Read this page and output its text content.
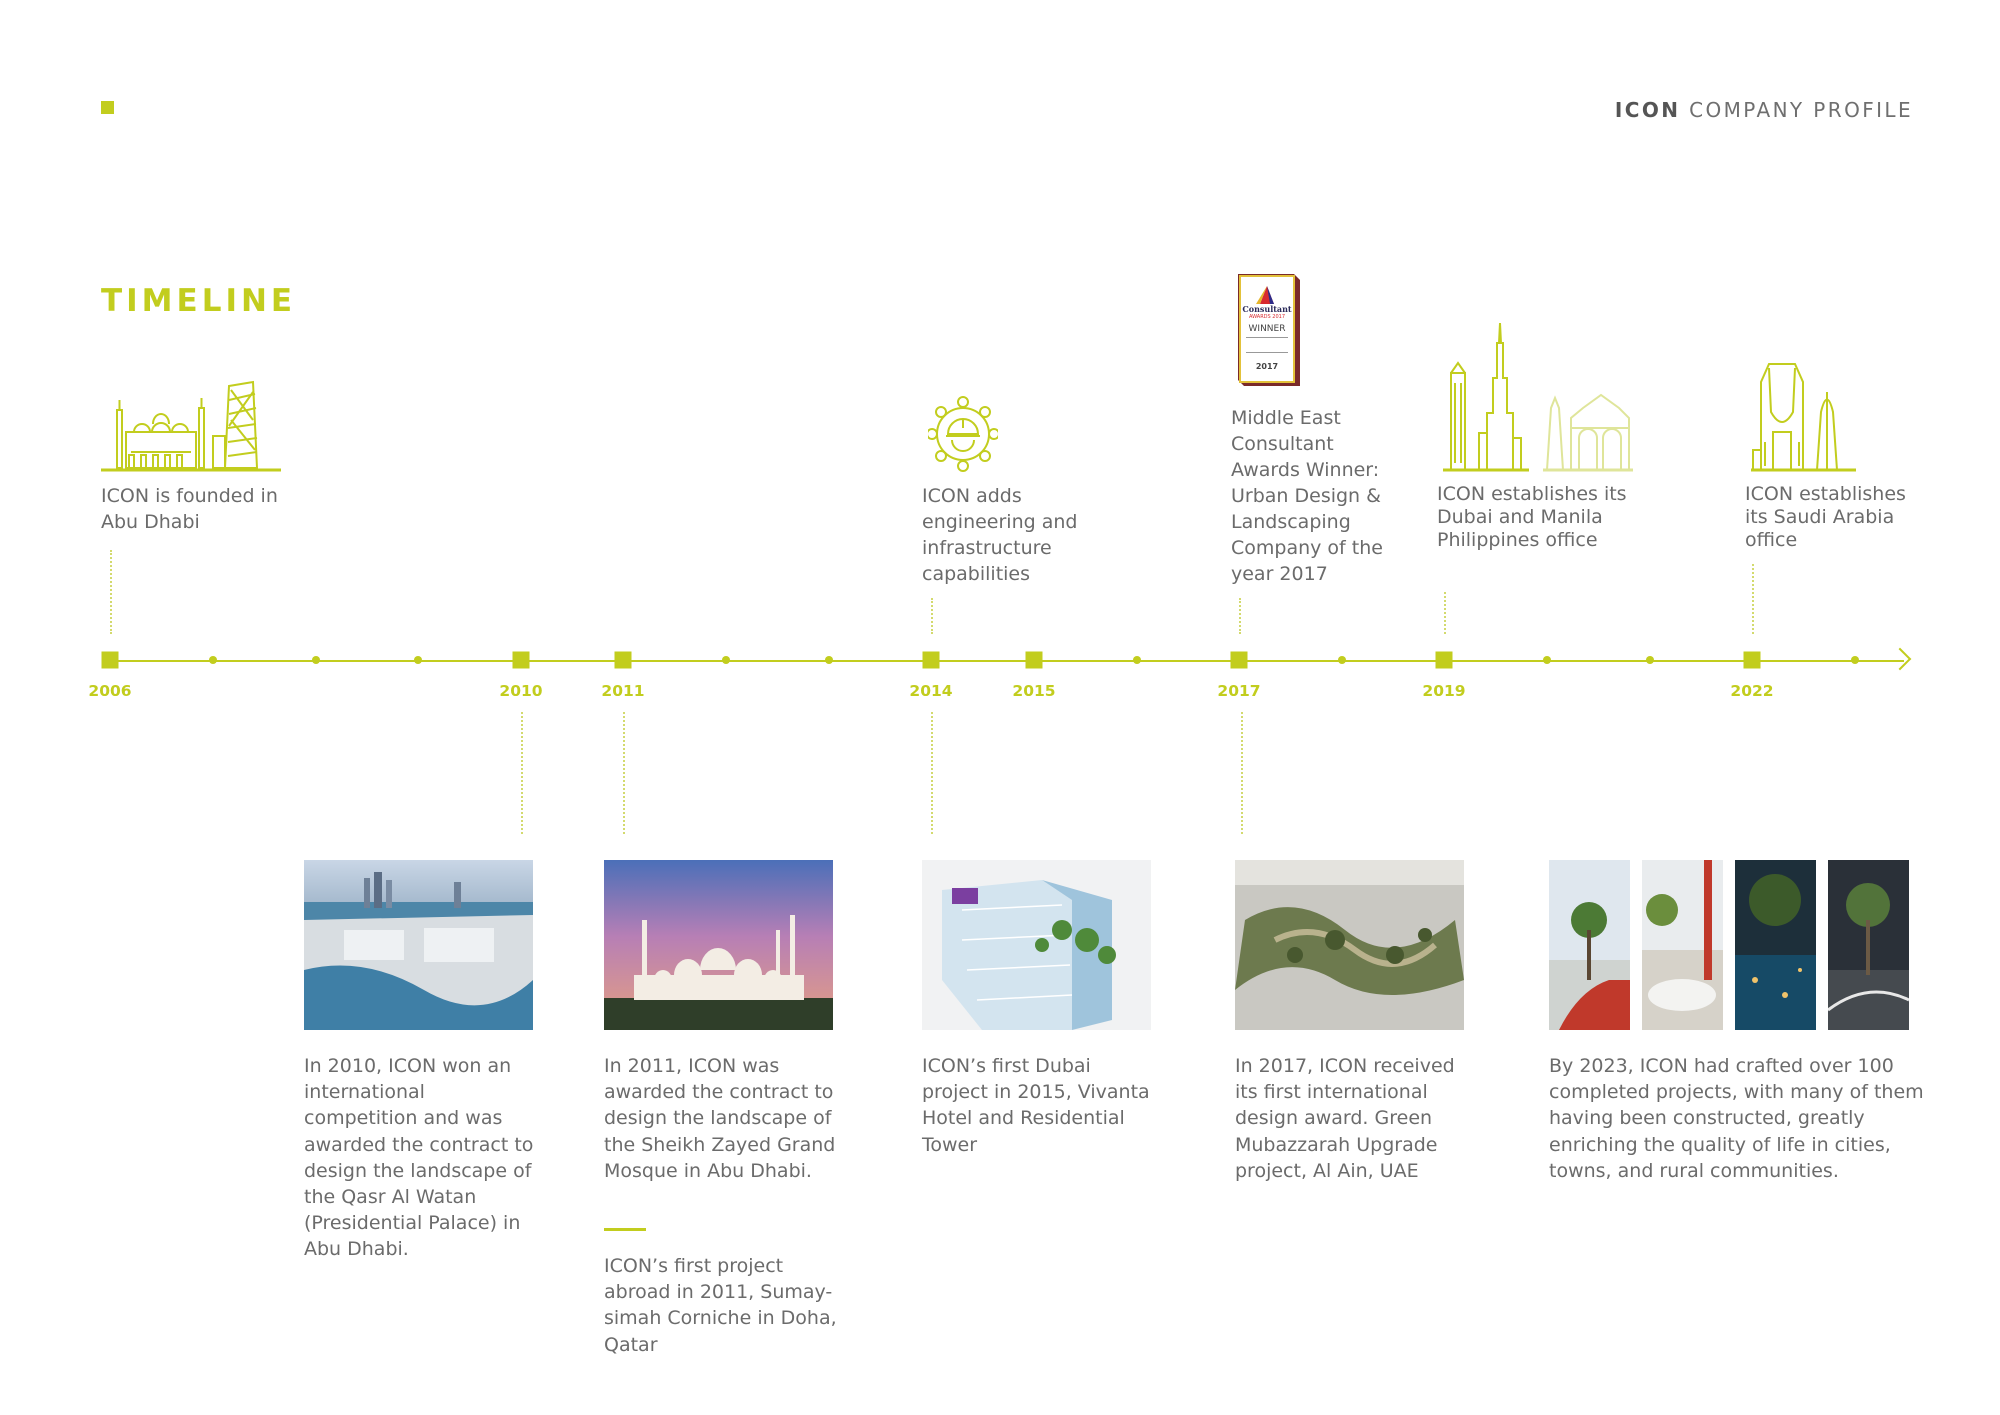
ICON COMPANY PROFILE
TIMELINE	Consultant
AWARDS 2017
WINNER
2017
ICON is founded in Abu Dhabi
ICON adds engineering and infrastructure capabilities
Middle East Consultant Awards Winner: Urban Design & Landscaping Company of the year 2017
ICON establishes its Dubai and Manila Philippines office
ICON establishes its Saudi Arabia office
2006	2010	2011	2014	2015	2017	2019	2022
In 2010, ICON won an international competition and was awarded the contract to design the landscape of the Qasr Al Watan (Presidential Palace) in Abu Dhabi.
In 2011, ICON was awarded the contract to design the landscape of the Sheikh Zayed Grand Mosque in Abu Dhabi.
ICON’s first project abroad in 2011, Sumay-simah Corniche in Doha, Qatar
ICON’s first Dubai project in 2015, Vivanta Hotel and Residential Tower
In 2017, ICON received its first international design award. Green Mubazzarah Upgrade project, Al Ain, UAE
By 2023, ICON had crafted over 100 completed projects, with many of them having been constructed, greatly enriching the quality of life in cities, towns, and rural communities.
